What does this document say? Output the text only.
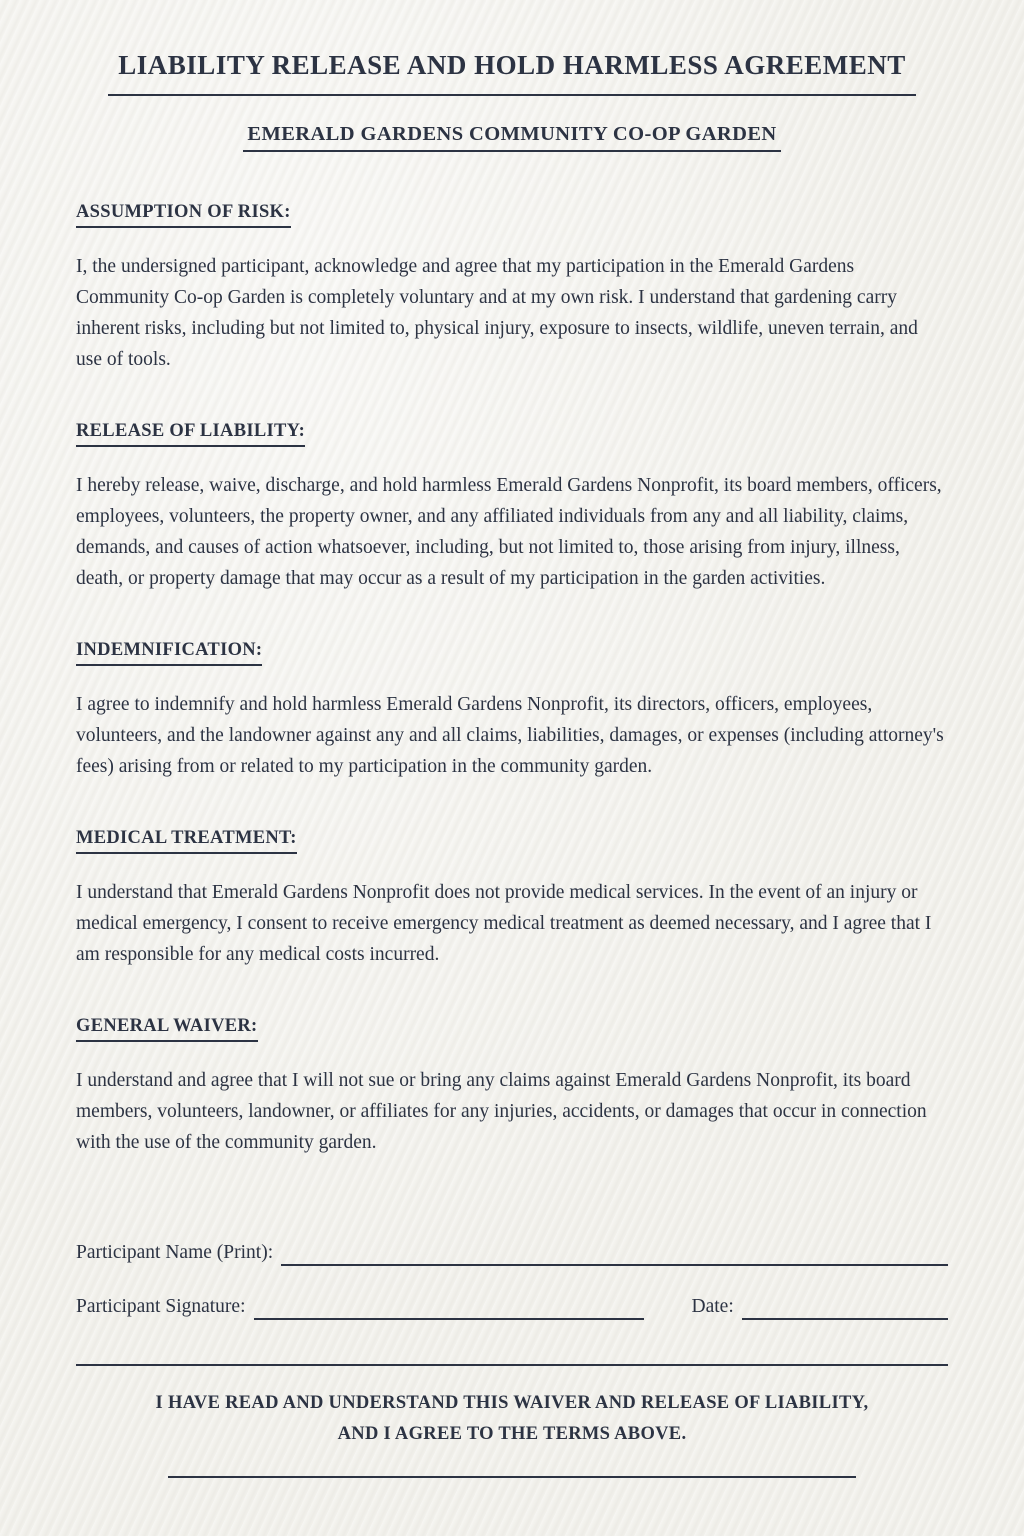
LIABILITY RELEASE AND HOLD HARMLESS AGREEMENT
EMERALD GARDENS COMMUNITY CO-OP GARDEN
ASSUMPTION OF RISK:

I, the undersigned participant, acknowledge and agree that my participation in the Emerald Gardens Community Co-op Garden is completely voluntary and at my own risk. I understand that gardening carry inherent risks, including but not limited to, physical injury, exposure to insects, wildlife, uneven terrain, and use of tools.

RELEASE OF LIABILITY:

I hereby release, waive, discharge, and hold harmless Emerald Gardens Nonprofit, its board members, officers, employees, volunteers, the property owner, and any affiliated individuals from any and all liability, claims, demands, and causes of action whatsoever, including, but not limited to, those arising from injury, illness, death, or property damage that may occur as a result of my participation in the garden activities.

INDEMNIFICATION:

I agree to indemnify and hold harmless Emerald Gardens Nonprofit, its directors, officers, employees, volunteers, and the landowner against any and all claims, liabilities, damages, or expenses (including attorney's fees) arising from or related to my participation in the community garden.

MEDICAL TREATMENT:

I understand that Emerald Gardens Nonprofit does not provide medical services. In the event of an injury or medical emergency, I consent to receive emergency medical treatment as deemed necessary, and I agree that I am responsible for any medical costs incurred.

GENERAL WAIVER:

I understand and agree that I will not sue or bring any claims against Emerald Gardens Nonprofit, its board members, volunteers, landowner, or affiliates for any injuries, accidents, or damages that occur in connection with the use of the community garden.

Participant Name (Print):
Participant Signature:	Date:

I HAVE READ AND UNDERSTAND THIS WAIVER AND RELEASE OF LIABILITY,

AND I AGREE TO THE TERMS ABOVE.
